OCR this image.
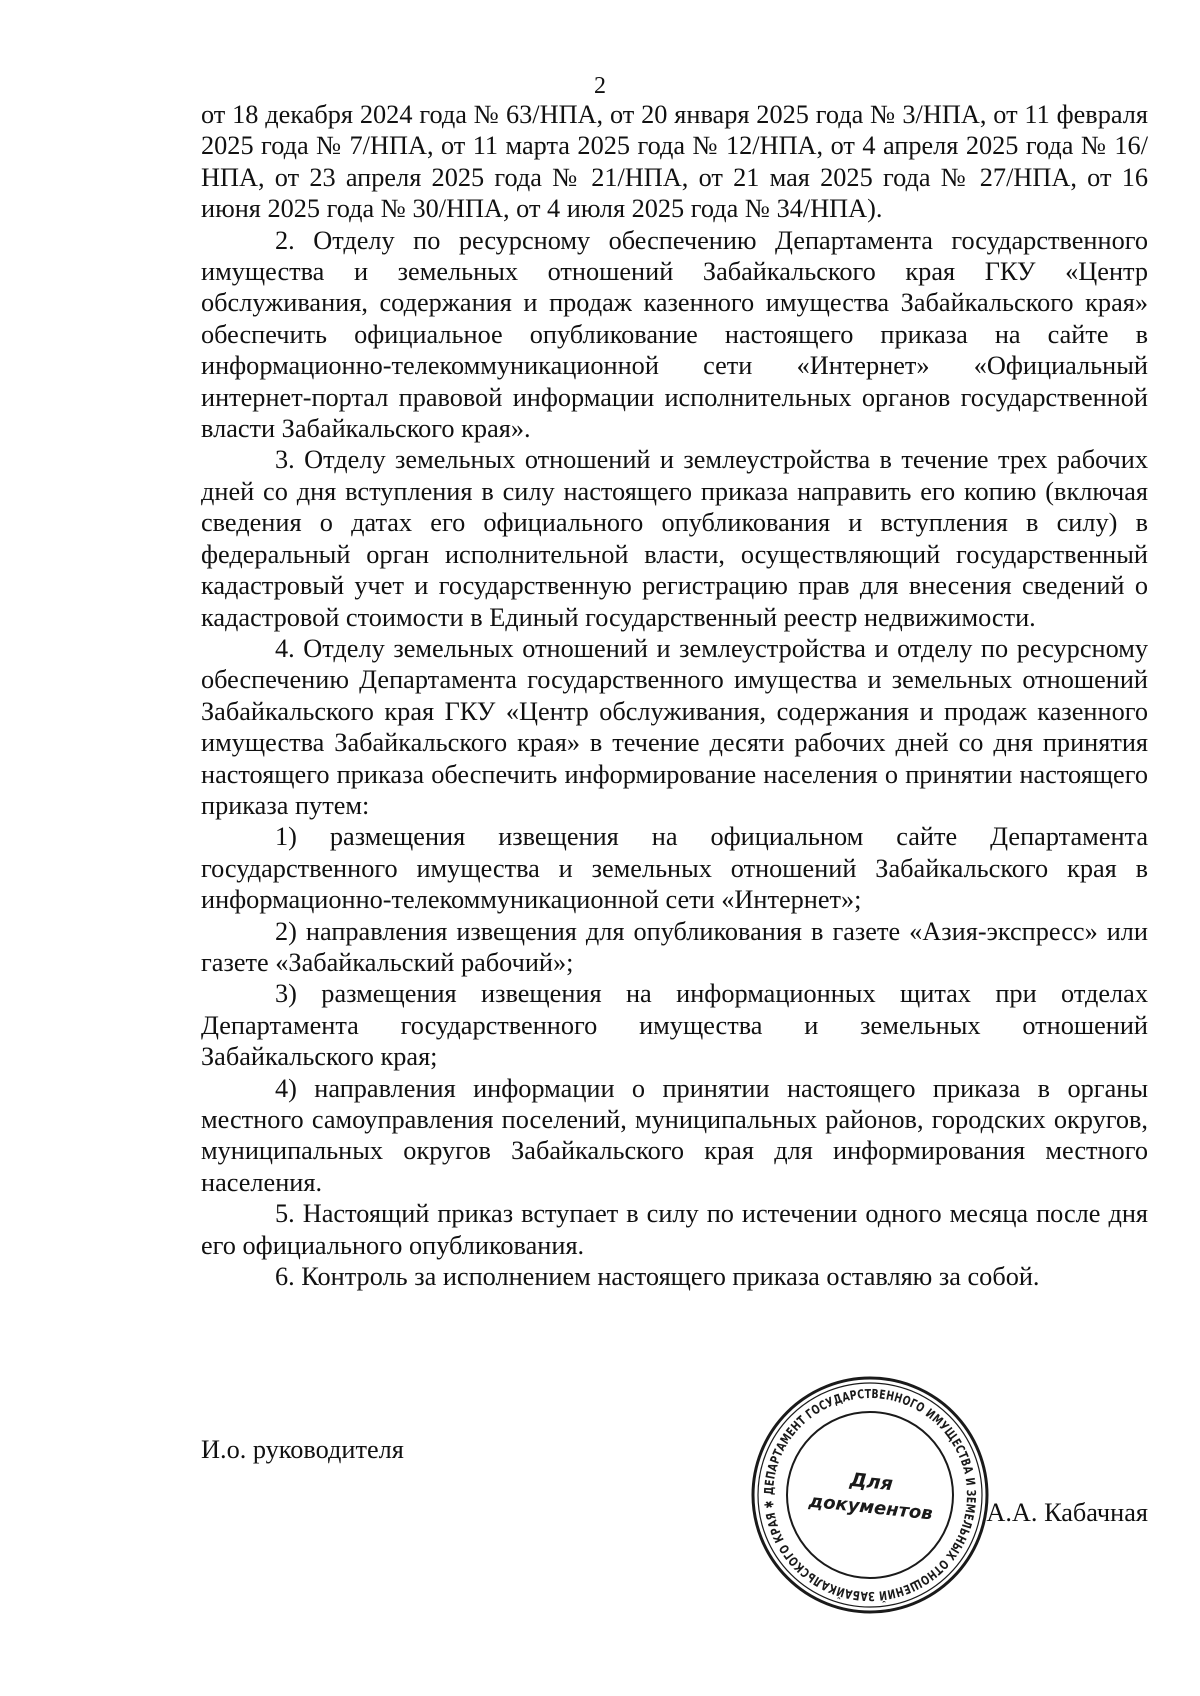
2

от 18 декабря 2024 года № 63/НПА, от 20 января 2025 года № 3/НПА, от 11 февраля 2025 года № 7/НПА, от 11 марта 2025 года № 12/НПА, от 4 апреля 2025 года № 16/НПА, от 23 апреля 2025 года № 21/НПА, от 21 мая 2025 года № 27/НПА, от 16 июня 2025 года № 30/НПА, от 4 июля 2025 года № 34/НПА).

2. Отделу по ресурсному обеспечению Департамента государственного имущества и земельных отношений Забайкальского края ГКУ «Центр обслуживания, содержания и продаж казенного имущества Забайкальского края» обеспечить официальное опубликование настоящего приказа на сайте в информационно-телекоммуникационной сети «Интернет» «Официальный интернет-портал правовой информации исполнительных органов государственной власти Забайкальского края».

3. Отделу земельных отношений и землеустройства в течение трех рабочих дней со дня вступления в силу настоящего приказа направить его копию (включая сведения о датах его официального опубликования и вступления в силу) в федеральный орган исполнительной власти, осуществляющий государственный кадастровый учет и государственную регистрацию прав для внесения сведений о кадастровой стоимости в Единый государственный реестр недвижимости.

4. Отделу земельных отношений и землеустройства и отделу по ресурсному обеспечению Департамента государственного имущества и земельных отношений Забайкальского края ГКУ «Центр обслуживания, содержания и продаж казенного имущества Забайкальского края» в течение десяти рабочих дней со дня принятия настоящего приказа обеспечить информирование населения о принятии настоящего приказа путем:

1) размещения извещения на официальном сайте Департамента государственного имущества и земельных отношений Забайкальского края в информационно-телекоммуникационной сети «Интернет»;

2) направления извещения для опубликования в газете «Азия-экспресс» или газете «Забайкальский рабочий»;

3) размещения извещения на информационных щитах при отделах Департамента государственного имущества и земельных отношений Забайкальского края;

4) направления информации о принятии настоящего приказа в органы местного самоуправления поселений, муниципальных районов, городских округов, муниципальных округов Забайкальского края для информирования местного населения.

5. Настоящий приказ вступает в силу по истечении одного месяца после дня его официального опубликования.

6. Контроль за исполнением настоящего приказа оставляю за собой.

И.о. руководителя
ДЕПАРТАМЕНТ ГОСУДАРСТВЕННОГО ИМУЩЕСТВА И ЗЕМЕЛЬНЫХ ОТНОШЕНИЙ ЗАБАЙКАЛЬСКОГО КРАЯ ✱
Для
документов А.А. Кабачная
